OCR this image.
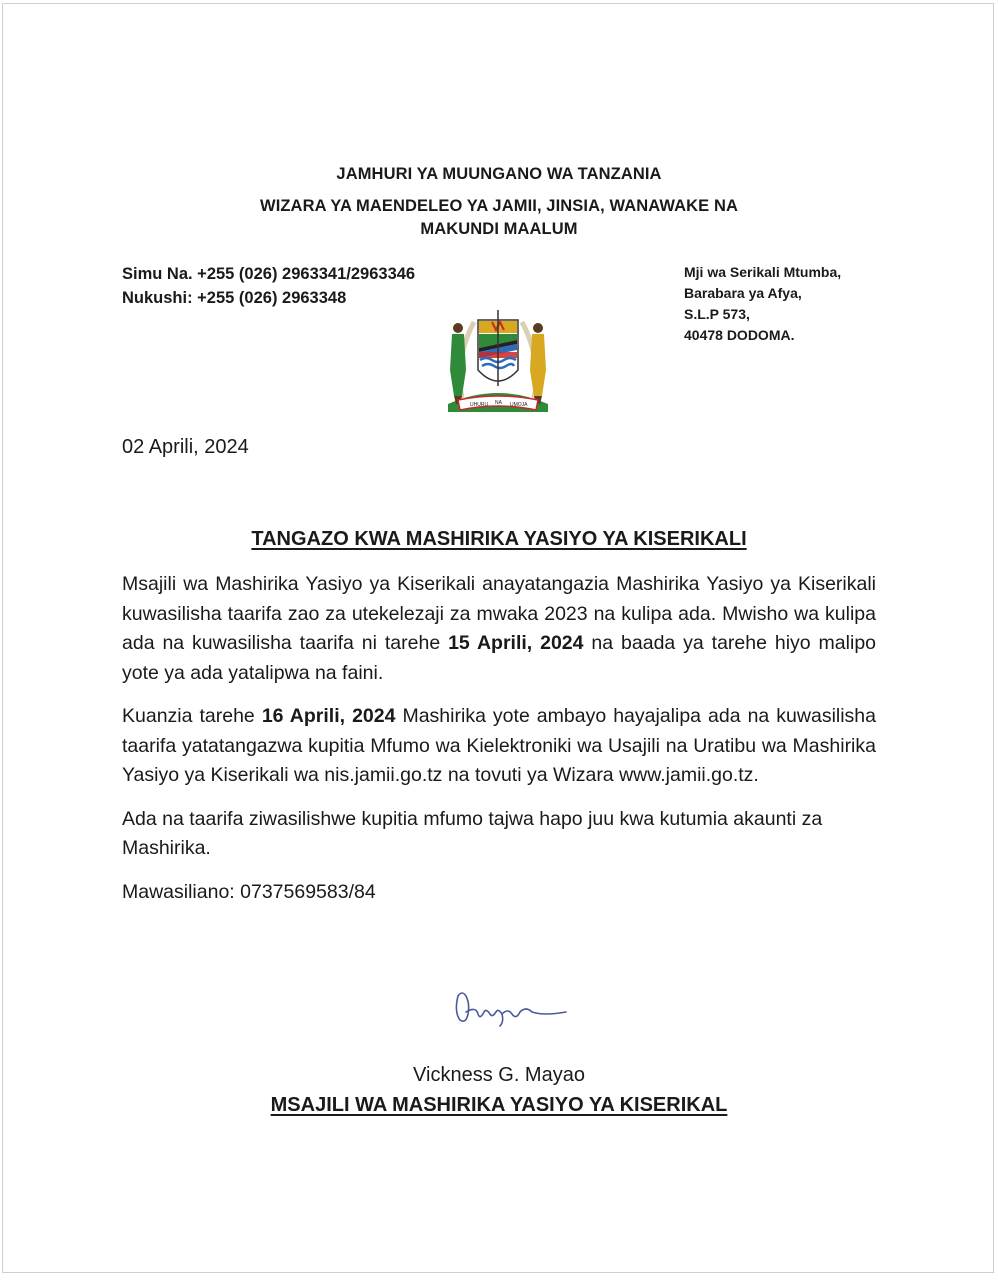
JAMHURI YA MUUNGANO WA TANZANIA
WIZARA YA MAENDELEO YA JAMII, JINSIA, WANAWAKE NA
MAKUNDI MAALUM
Simu Na. +255 (026) 2963341/2963346
Nukushi: +255 (026) 2963348
Mji wa Serikali Mtumba,
Barabara ya Afya,
S.L.P 573,
40478 DODOMA.
UHURU NA UMOJA
02 Aprili, 2024
TANGAZO KWA MASHIRIKA YASIYO YA KISERIKALI

Msajili wa Mashirika Yasiyo ya Kiserikali anayatangazia Mashirika Yasiyo ya Kiserikali kuwasilisha taarifa zao za utekelezaji za mwaka 2023 na kulipa ada. Mwisho wa kulipa ada na kuwasilisha taarifa ni tarehe 15 Aprili, 2024 na baada ya tarehe hiyo malipo yote ya ada yatalipwa na faini.

Kuanzia tarehe 16 Aprili, 2024 Mashirika yote ambayo hayajalipa ada na kuwasilisha taarifa yatatangazwa kupitia Mfumo wa Kielektroniki wa Usajili na Uratibu wa Mashirika Yasiyo ya Kiserikali wa nis.jamii.go.tz na tovuti ya Wizara www.jamii.go.tz.

Ada na taarifa ziwasilishwe kupitia mfumo tajwa hapo juu kwa kutumia akaunti za Mashirika.

Mawasiliano: 0737569583/84

Vickness G. Mayao
MSAJILI WA MASHIRIKA YASIYO YA KISERIKAL
